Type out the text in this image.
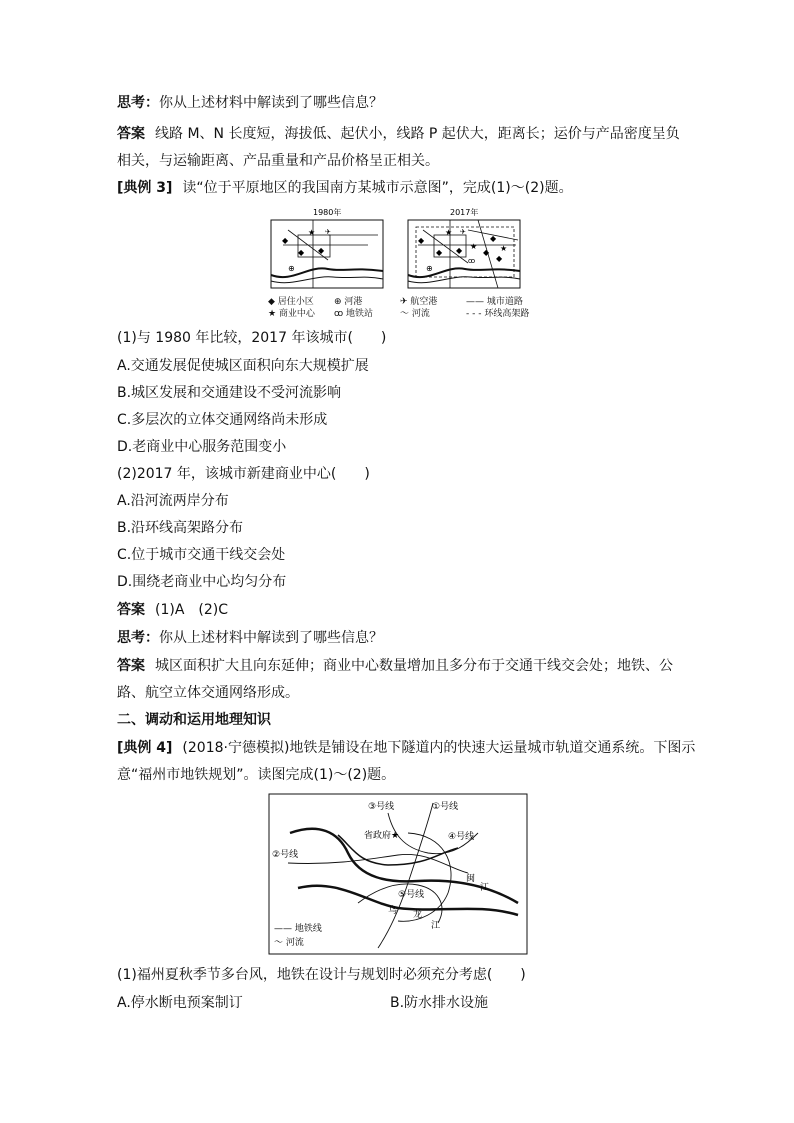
思考：你从上述材料中解读到了哪些信息？
答案 线路 M、N 长度短，海拔低、起伏小，线路 P 起伏大，距离长；运价与产品密度呈负
相关，与运输距离、产品重量和产品价格呈正相关。
[典例 3] 读“位于平原地区的我国南方某城市示意图”，完成(1)～(2)题。
1980年
◆
◆ ◆
★ ✈
⊕
2017年
◆
◆ ◆	◆
◆
◆
★
★	★
✈
⊕
ꝏ
◆ 居住小区 ⊕ 河港	✈ 航空港	—— 城市道路
★ 商业中心 ꝏ 地铁站	〜 河流	- - - 环线高架路
(1)与 1980 年比较，2017 年该城市(　　)
A.交通发展促使城区面积向东大规模扩展
B.城区发展和交通建设不受河流影响
C.多层次的立体交通网络尚未形成
D.老商业中心服务范围变小
(2)2017 年，该城市新建商业中心(　　)
A.沿河流两岸分布
B.沿环线高架路分布
C.位于城市交通干线交会处
D.围绕老商业中心均匀分布
答案 (1)A　(2)C
思考：你从上述材料中解读到了哪些信息？
答案 城区面积扩大且向东延伸；商业中心数量增加且多分布于交通干线交会处；地铁、公
路、航空立体交通网络形成。
二、调动和运用地理知识
[典例 4] (2018·宁德模拟)地铁是铺设在地下隧道内的快速大运量城市轨道交通系统。下图示
意“福州市地铁规划”。读图完成(1)～(2)题。
③号线	①号线
省政府★	④号线
②号线
⑤号线
闽
江
乌 龙
江
—— 地铁线
〜 河流
(1)福州夏秋季节多台风，地铁在设计与规划时必须充分考虑(　　)
A.停水断电预案制订	B.防水排水设施
